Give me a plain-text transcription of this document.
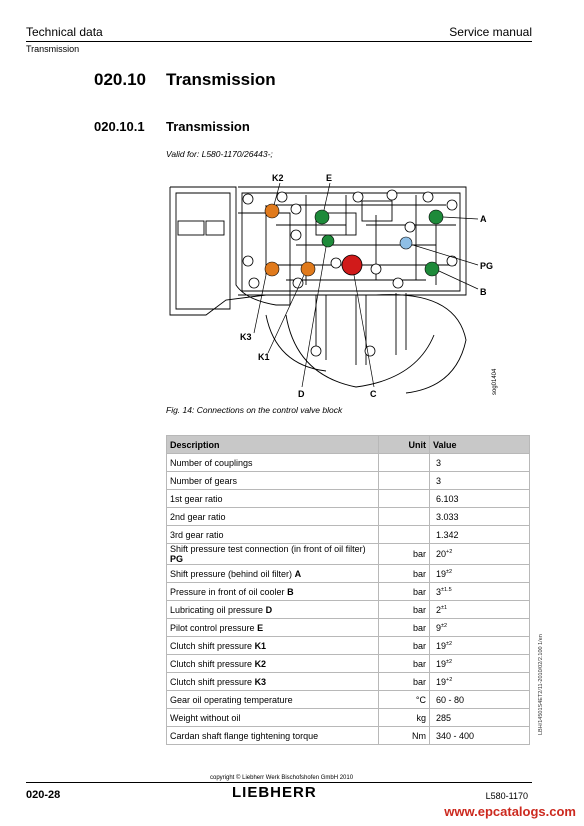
Technical data	Service manual
Transmission
020.10 Transmission
020.10.1 Transmission
Valid for: L580-1170/26443-;
K2	E
A
PG
B
K3
K1
D	C	sog01404
Fig. 14: Connections on the control valve block
Description	Unit	Value
Number of couplings		3
Number of gears		3
1st gear ratio		6.103
2nd gear ratio		3.033
3rd gear ratio		1.342
Shift pressure test connection (in front of oil filter) PG	bar	$20^{+2}$
Shift pressure (behind oil filter) A	bar	$19^{\pm 2}$
Pressure in front of oil cooler B	bar	$3^{\pm 1.5}$
Lubricating oil pressure D	bar	$2^{\pm 1}$
Pilot control pressure E	bar	$9^{\pm 2}$
Clutch shift pressure K1	bar	$19^{\pm 2}$
Clutch shift pressure K2	bar	$19^{\pm 2}$
Clutch shift pressure K3	bar	$19^{+2}$
Gear oil operating temperature	°C	60 - 80
Weight without oil	kg	285
Cardan shaft flange tightening torque	Nm	340 - 400
LBH/14501S4ET2/11-2010/02/2.100 1/en
copyright © Liebherr Werk Bischofshofen GmbH 2010
020-28	LIEBHERR	L580-1170
www.epcatalogs.com
